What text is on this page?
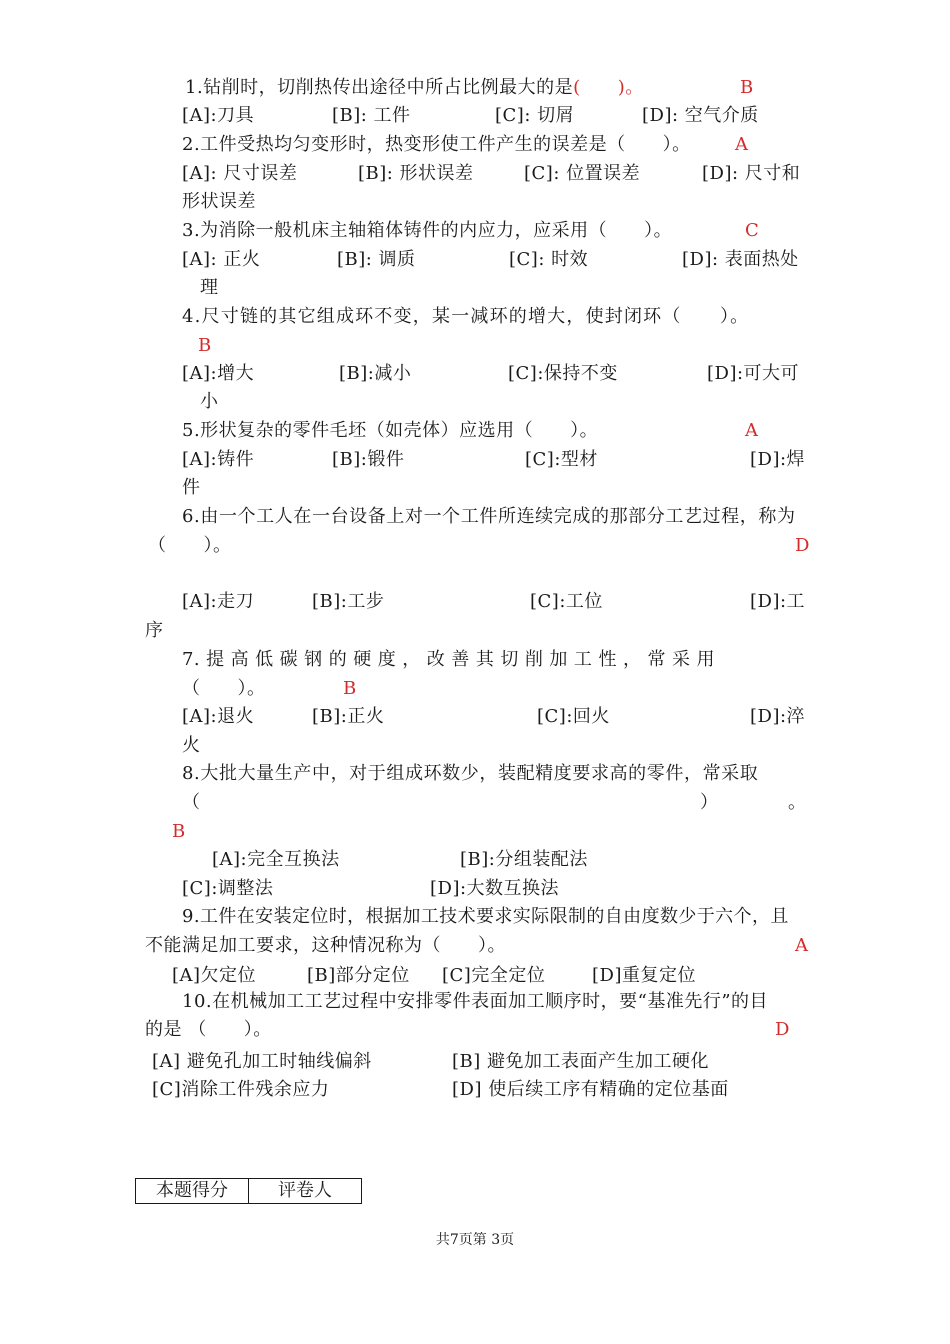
1.钻削时，切削热传出途径中所占比例最大的是(　　)。	B
[A]:刀具	[B]: 工件	[C]: 切屑	[D]: 空气介质
2.工件受热均匀变形时，热变形使工件产生的误差是（　　）。 A
[A]: 尺寸误差	[B]: 形状误差	[C]: 位置误差	[D]: 尺寸和
形状误差
3.为消除一般机床主轴箱体铸件的内应力，应采用（　　）。	C
[A]: 正火	[B]: 调质	[C]: 时效	[D]: 表面热处
理
4.尺寸链的其它组成环不变，某一减环的增大，使封闭环（　　）。
B
[A]:增大	[B]:减小	[C]:保持不变	[D]:可大可
小
5.形状复杂的零件毛坯（如壳体）应选用（　　）。	A
[A]:铸件	[B]:锻件	[C]:型材	[D]:焊
件
6.由一个工人在一台设备上对一个工件所连续完成的那部分工艺过程，称为
（　　）。	D
[A]:走刀	[B]:工步	[C]:工位	[D]:工
序
7. 提 高 低 碳 钢 的 硬 度 ， 改 善 其 切 削 加 工 性 ， 常 采 用
（　　）。	B
[A]:退火	[B]:正火	[C]:回火	[D]:淬
火
8.大批大量生产中，对于组成环数少，装配精度要求高的零件，常采取
（	）	。
B
[A]:完全互换法	[B]:分组装配法
[C]:调整法	[D]:大数互换法
9.工件在安装定位时，根据加工技术要求实际限制的自由度数少于六个，且
不能满足加工要求，这种情况称为（　　）。	A
[A]欠定位	[B]部分定位 [C]完全定位	[D]重复定位
10.在机械加工工艺过程中安排零件表面加工顺序时，要“基准先行”的目
的是 （　　）。	D
[A] 避免孔加工时轴线偏斜	[B] 避免加工表面产生加工硬化
[C]消除工件残余应力	[D] 使后续工序有精确的定位基面
本题得分	评卷人
共7页第 3页
